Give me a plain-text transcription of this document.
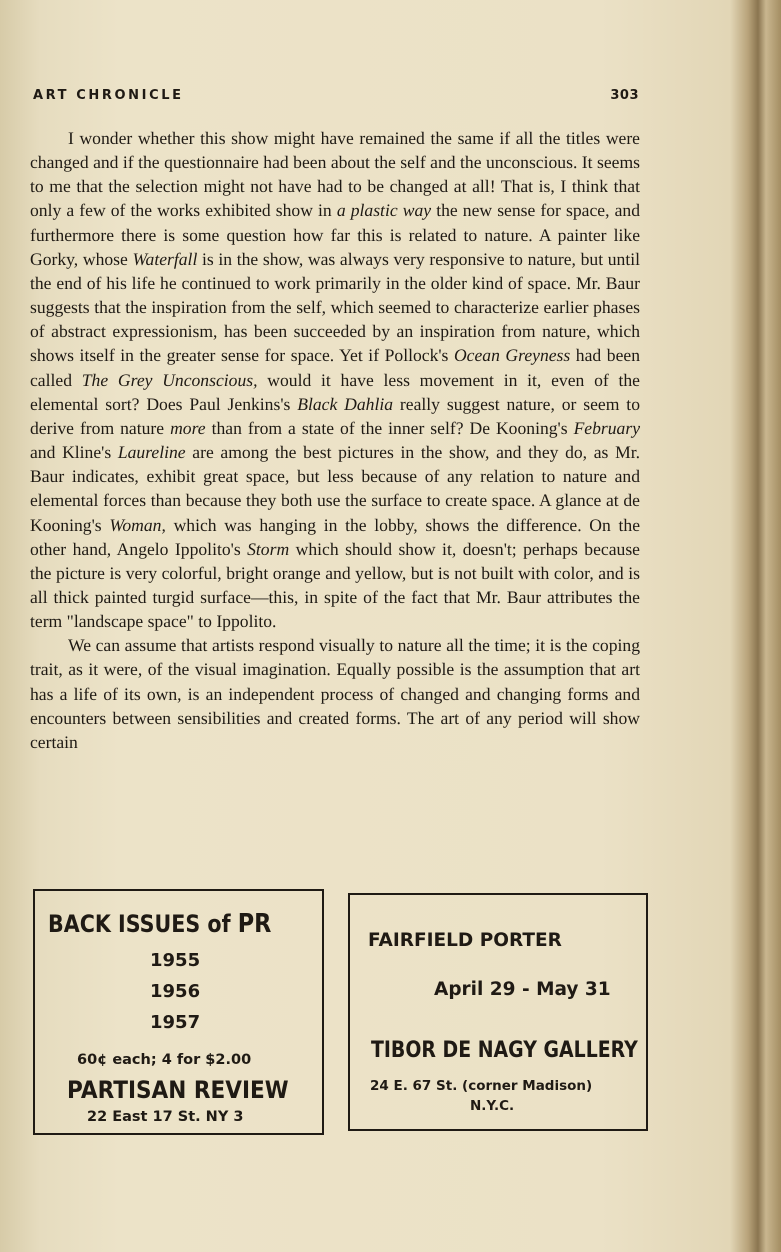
ART CHRONICLE	303

I wonder whether this show might have remained the same if all the titles were changed and if the questionnaire had been about the self and the unconscious. It seems to me that the selection might not have had to be changed at all! That is, I think that only a few of the works exhibited show in a plastic way the new sense for space, and furthermore there is some question how far this is related to nature. A painter like Gorky, whose Waterfall is in the show, was always very responsive to nature, but until the end of his life he continued to work primarily in the older kind of space. Mr. Baur suggests that the inspiration from the self, which seemed to characterize earlier phases of abstract expressionism, has been succeeded by an inspiration from nature, which shows itself in the greater sense for space. Yet if Pollock's Ocean Greyness had been called The Grey Unconscious, would it have less movement in it, even of the elemental sort? Does Paul Jenkins's Black Dahlia really suggest nature, or seem to derive from nature more than from a state of the inner self? De Kooning's February and Kline's Laureline are among the best pictures in the show, and they do, as Mr. Baur indicates, exhibit great space, but less because of any relation to nature and elemental forces than because they both use the surface to create space. A glance at de Kooning's Woman, which was hanging in the lobby, shows the difference. On the other hand, Angelo Ippolito's Storm which should show it, doesn't; perhaps because the picture is very colorful, bright orange and yellow, but is not built with color, and is all thick painted turgid surface—this, in spite of the fact that Mr. Baur attributes the term "landscape space" to Ippolito.

We can assume that artists respond visually to nature all the time; it is the coping trait, as it were, of the visual imagination. Equally possible is the assumption that art has a life of its own, is an independent process of changed and changing forms and encounters between sensibilities and created forms. The art of any period will show certain

BACK ISSUES of PR
1955
1956
1957
60¢ each; 4 for $2.00
PARTISAN REVIEW
22 East 17 St. NY 3
FAIRFIELD PORTER
April 29 - May 31
TIBOR DE NAGY GALLERY
24 E. 67 St. (corner Madison)
N.Y.C.
